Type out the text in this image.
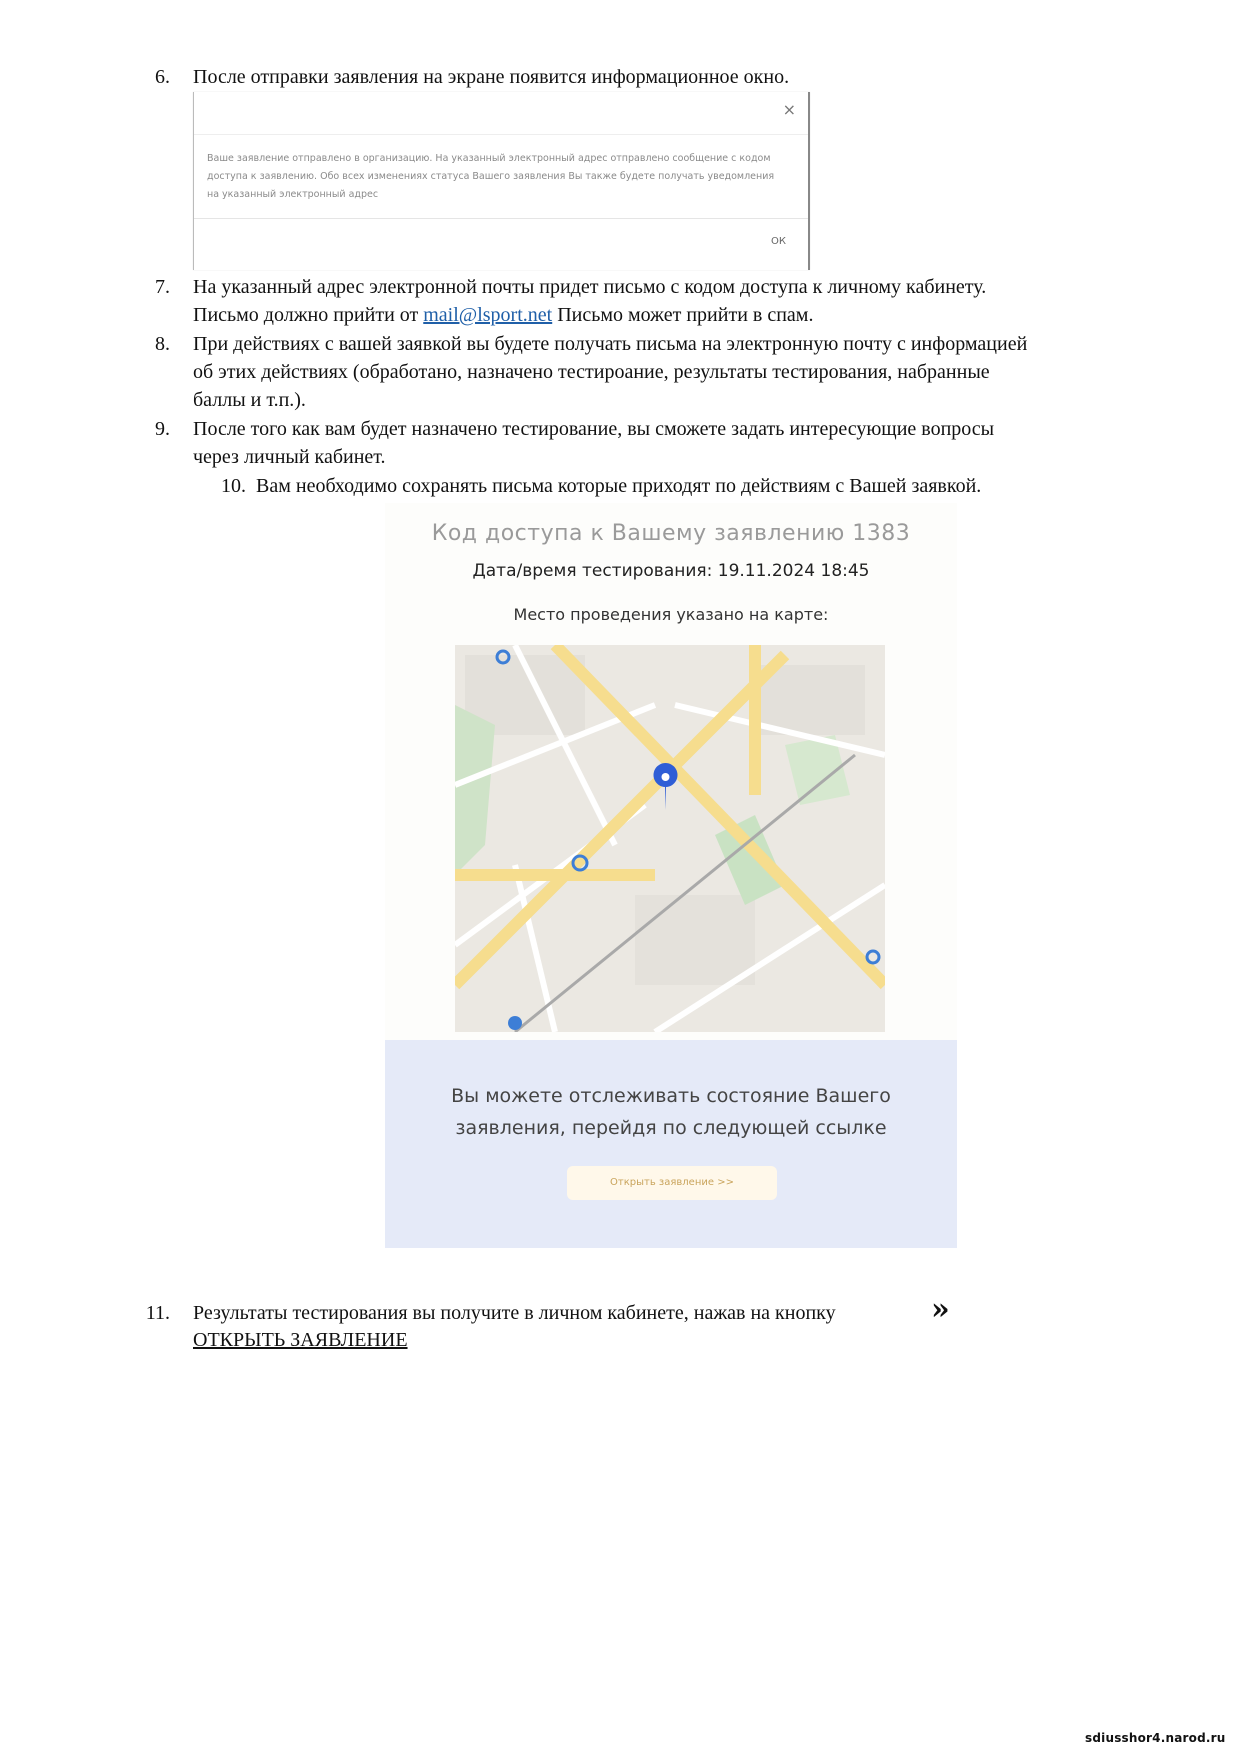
6. После отправки заявления на экране появится информационное окно.
×
Ваше заявление отправлено в организацию. На указанный электронный адрес отправлено сообщение с кодом доступа к заявлению. Обо всех изменениях статуса Вашего заявления Вы также будете получать уведомления на указанный электронный адрес
ОК
7. На указанный адрес электронной почты придет письмо с кодом доступа к личному кабинету.
Письмо должно прийти от mail@lsport.net Письмо может прийти в спам.
8. При действиях с вашей заявкой вы будете получать письма на электронную почту с информацией
об этих действиях (обработано, назначено тестироание, результаты тестирования, набранные
баллы и т.п.).
9. После того как вам будет назначено тестирование, вы сможете задать интересующие вопросы
через личный кабинет.
10. Вам необходимо сохранять письма которые приходят по действиям с Вашей заявкой.
Код доступа к Вашему заявлению 1383
Дата/время тестирования: 19.11.2024 18:45
Место проведения указано на карте:
Вы можете отслеживать состояние Вашего
заявления, перейдя по следующей ссылке
Открыть заявление >>
11. Результаты тестирования вы получите в личном кабинете, нажав на кнопку	»
ОТКРЫТЬ ЗАЯВЛЕНИЕ
sdiusshor4.narod.ru
